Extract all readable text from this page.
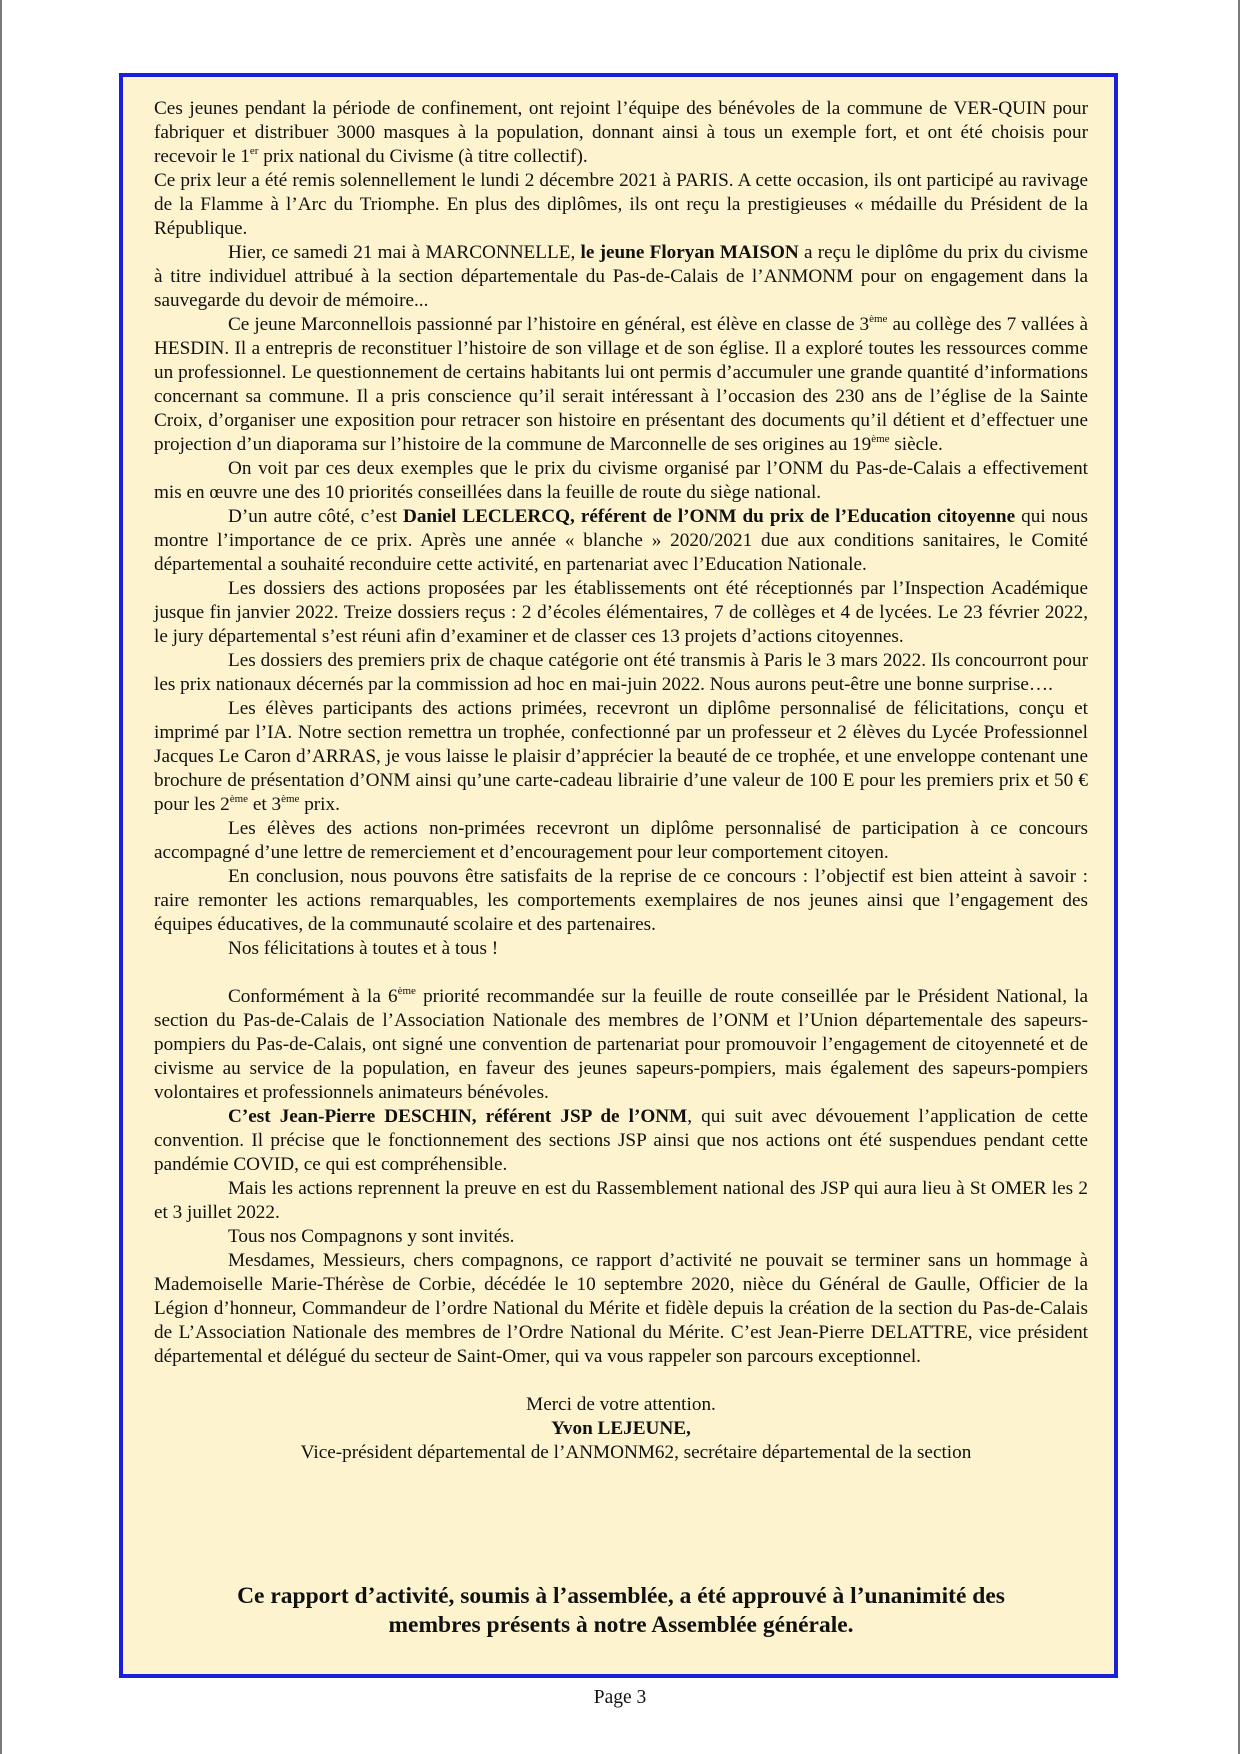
Ces jeunes pendant la période de confinement, ont rejoint l’équipe des bénévoles de la commune de VER-QUIN pour fabriquer et distribuer 3000 masques à la population, donnant ainsi à tous un exemple fort, et ont été choisis pour recevoir le 1er prix national du Civisme (à titre collectif).

Ce prix leur a été remis solennellement le lundi 2 décembre 2021 à PARIS. A cette occasion, ils ont participé au ravivage de la Flamme à l’Arc du Triomphe. En plus des diplômes, ils ont reçu la prestigieuses « médaille du Président de la République.

Hier, ce samedi 21 mai à MARCONNELLE, le jeune Floryan MAISON a reçu le diplôme du prix du civisme à titre individuel attribué à la section départementale du Pas-de-Calais de l’ANMONM pour on engagement dans la sauvegarde du devoir de mémoire...

Ce jeune Marconnellois passionné par l’histoire en général, est élève en classe de 3ème au collège des 7 vallées à HESDIN. Il a entrepris de reconstituer l’histoire de son village et de son église. Il a exploré toutes les ressources comme un professionnel. Le questionnement de certains habitants lui ont permis d’accumuler une grande quantité d’informations concernant sa commune. Il a pris conscience qu’il serait intéressant à l’occasion des 230 ans de l’église de la Sainte Croix, d’organiser une exposition pour retracer son histoire en présentant des documents qu’il détient et d’effectuer une projection d’un diaporama sur l’histoire de la commune de Marconnelle de ses origines au 19ème siècle.

On voit par ces deux exemples que le prix du civisme organisé par l’ONM du Pas-de-Calais a effectivement mis en œuvre une des 10 priorités conseillées dans la feuille de route du siège national.

D’un autre côté, c’est Daniel LECLERCQ, référent de l’ONM du prix de l’Education citoyenne qui nous montre l’importance de ce prix. Après une année « blanche » 2020/2021 due aux conditions sanitaires, le Comité départemental a souhaité reconduire cette activité, en partenariat avec l’Education Nationale.

Les dossiers des actions proposées par les établissements ont été réceptionnés par l’Inspection Académique jusque fin janvier 2022. Treize dossiers reçus : 2 d’écoles élémentaires, 7 de collèges et 4 de lycées. Le 23 février 2022, le jury départemental s’est réuni afin d’examiner et de classer ces 13 projets d’actions citoyennes.

Les dossiers des premiers prix de chaque catégorie ont été transmis à Paris le 3 mars 2022. Ils concourront pour les prix nationaux décernés par la commission ad hoc en mai-juin 2022. Nous aurons peut-être une bonne surprise….

Les élèves participants des actions primées, recevront un diplôme personnalisé de félicitations, conçu et imprimé par l’IA. Notre section remettra un trophée, confectionné par un professeur et 2 élèves du Lycée Professionnel Jacques Le Caron d’ARRAS, je vous laisse le plaisir d’apprécier la beauté de ce trophée, et une enveloppe contenant une brochure de présentation d’ONM ainsi qu’une carte-cadeau librairie d’une valeur de 100 E pour les premiers prix et 50 € pour les 2ème et 3ème prix.

Les élèves des actions non-primées recevront un diplôme personnalisé de participation à ce concours accompagné d’une lettre de remerciement et d’encouragement pour leur comportement citoyen.

En conclusion, nous pouvons être satisfaits de la reprise de ce concours : l’objectif est bien atteint à savoir : raire remonter les actions remarquables, les comportements exemplaires de nos jeunes ainsi que l’engagement des équipes éducatives, de la communauté scolaire et des partenaires.

Nos félicitations à toutes et à tous !

Conformément à la 6ème priorité recommandée sur la feuille de route conseillée par le Président National, la section du Pas-de-Calais de l’Association Nationale des membres de l’ONM et l’Union départementale des sapeurs-pompiers du Pas-de-Calais, ont signé une convention de partenariat pour promouvoir l’engagement de citoyenneté et de civisme au service de la population, en faveur des jeunes sapeurs-pompiers, mais également des sapeurs-pompiers volontaires et professionnels animateurs bénévoles.

C’est Jean-Pierre DESCHIN, référent JSP de l’ONM, qui suit avec dévouement l’application de cette convention. Il précise que le fonctionnement des sections JSP ainsi que nos actions ont été suspendues pendant cette pandémie COVID, ce qui est compréhensible.

Mais les actions reprennent la preuve en est du Rassemblement national des JSP qui aura lieu à St OMER les 2 et 3 juillet 2022.

Tous nos Compagnons y sont invités.

Mesdames, Messieurs, chers compagnons, ce rapport d’activité ne pouvait se terminer sans un hommage à Mademoiselle Marie-Thérèse de Corbie, décédée le 10 septembre 2020, nièce du Général de Gaulle, Officier de la Légion d’honneur, Commandeur de l’ordre National du Mérite et fidèle depuis la création de la section du Pas-de-Calais de L’Association Nationale des membres de l’Ordre National du Mérite. C’est Jean-Pierre DELATTRE, vice président départemental et délégué du secteur de Saint-Omer, qui va vous rappeler son parcours exceptionnel.

Merci de votre attention.

Yvon LEJEUNE,

Vice-président départemental de l’ANMONM62, secrétaire départemental de la section

Ce rapport d’activité, soumis à l’assemblée, a été approuvé à l’unanimité des
membres présents à notre Assemblée générale.
Page 3
